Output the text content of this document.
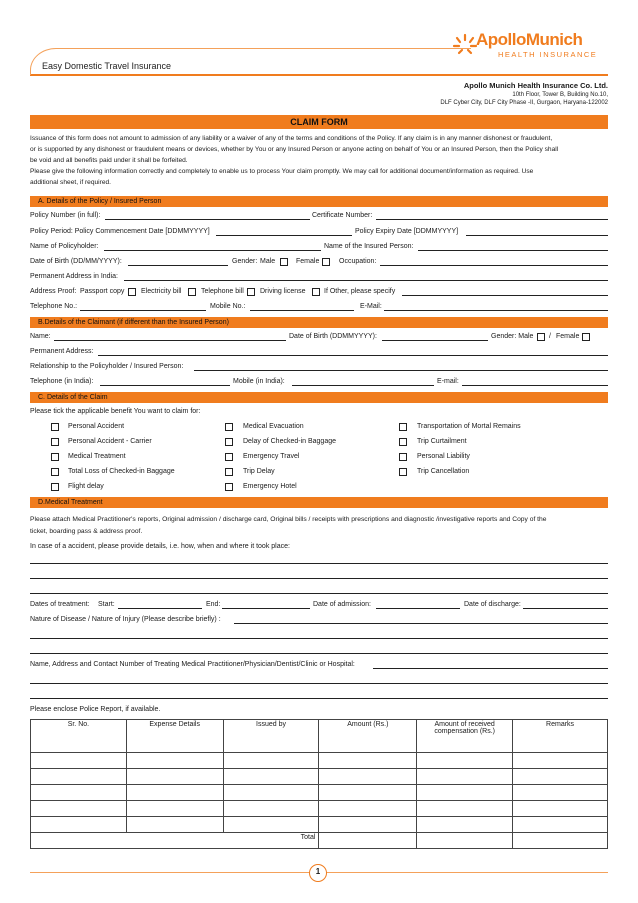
Easy Domestic Travel Insurance
ApolloMunich
HEALTH INSURANCE
Apollo Munich Health Insurance Co. Ltd.
10th Floor, Tower B, Building No.10,
DLF Cyber City, DLF City Phase -II, Gurgaon, Haryana-122002
CLAIM FORM
Issuance of this form does not amount to admission of any liability or a waiver of any of the terms and conditions of the Policy. If any claim is in any manner dishonest or fraudulent,
or is supported by any dishonest or fraudulent means or devices, whether by You or any Insured Person or anyone acting on behalf of You or an Insured Person, then the Policy shall
be void and all benefits paid under it shall be forfeited.
Please give the following information correctly and completely to enable us to process Your claim promptly. We may call for additional document/information as required. Use
additional sheet, if required.
A. Details of the Policy / Insured Person
Policy Number (in full):	Certificate Number:
Policy Period: Policy Commencement Date [DDMMYYYY]	Policy Expiry Date [DDMMYYYY]
Name of Policyholder:	Name of the Insured Person:
Date of Birth (DD/MM/YYYY):	Gender: Male	Female	Occupation:
Permanent Address in India:
Address Proof: Passport copy Electricity bill	Telephone bill Driving license	If Other, please specify
Telephone No.:	Mobile No.:	E-Mail:
B.Details of the Claimant (if different than the Insured Person)
Name:	Date of Birth (DDMMYYYY):	Gender: Male / Female
Permanent Address:
Relationship to the Policyholder / Insured Person:
Telephone (in India):	Mobile (in India):	E-mail:
C. Details of the Claim
Please tick the applicable benefit You want to claim for:
Personal Accident
Personal Accident - Carrier
Medical Treatment
Total Loss of Checked-in Baggage
Flight delay
Medical Evacuation
Delay of Checked-in Baggage
Emergency Travel
Trip Delay
Emergency Hotel
Transportation of Mortal Remains
Trip Curtailment
Personal Liability
Trip Cancellation
D.Medical Treatment
Please attach Medical Practitioner's reports, Original admission / discharge card, Original bills / receipts with prescriptions and diagnostic /investigative reports and Copy of the
ticket, boarding pass & address proof.
In case of a accident, please provide details, i.e. how, when and where it took place:
Dates of treatment: Start:	End:	Date of admission:	Date of discharge:
Nature of Disease / Nature of Injury (Please describe briefly) :
Name, Address and Contact Number of Treating Medical Practitioner/Physician/Dentist/Clinic or Hospital:
Please enclose Police Report, if available.
Sr. No.	Expense Details	Issued by	Amount (Rs.)	Amount of received compensation (Rs.)	Remarks

Total					
1
